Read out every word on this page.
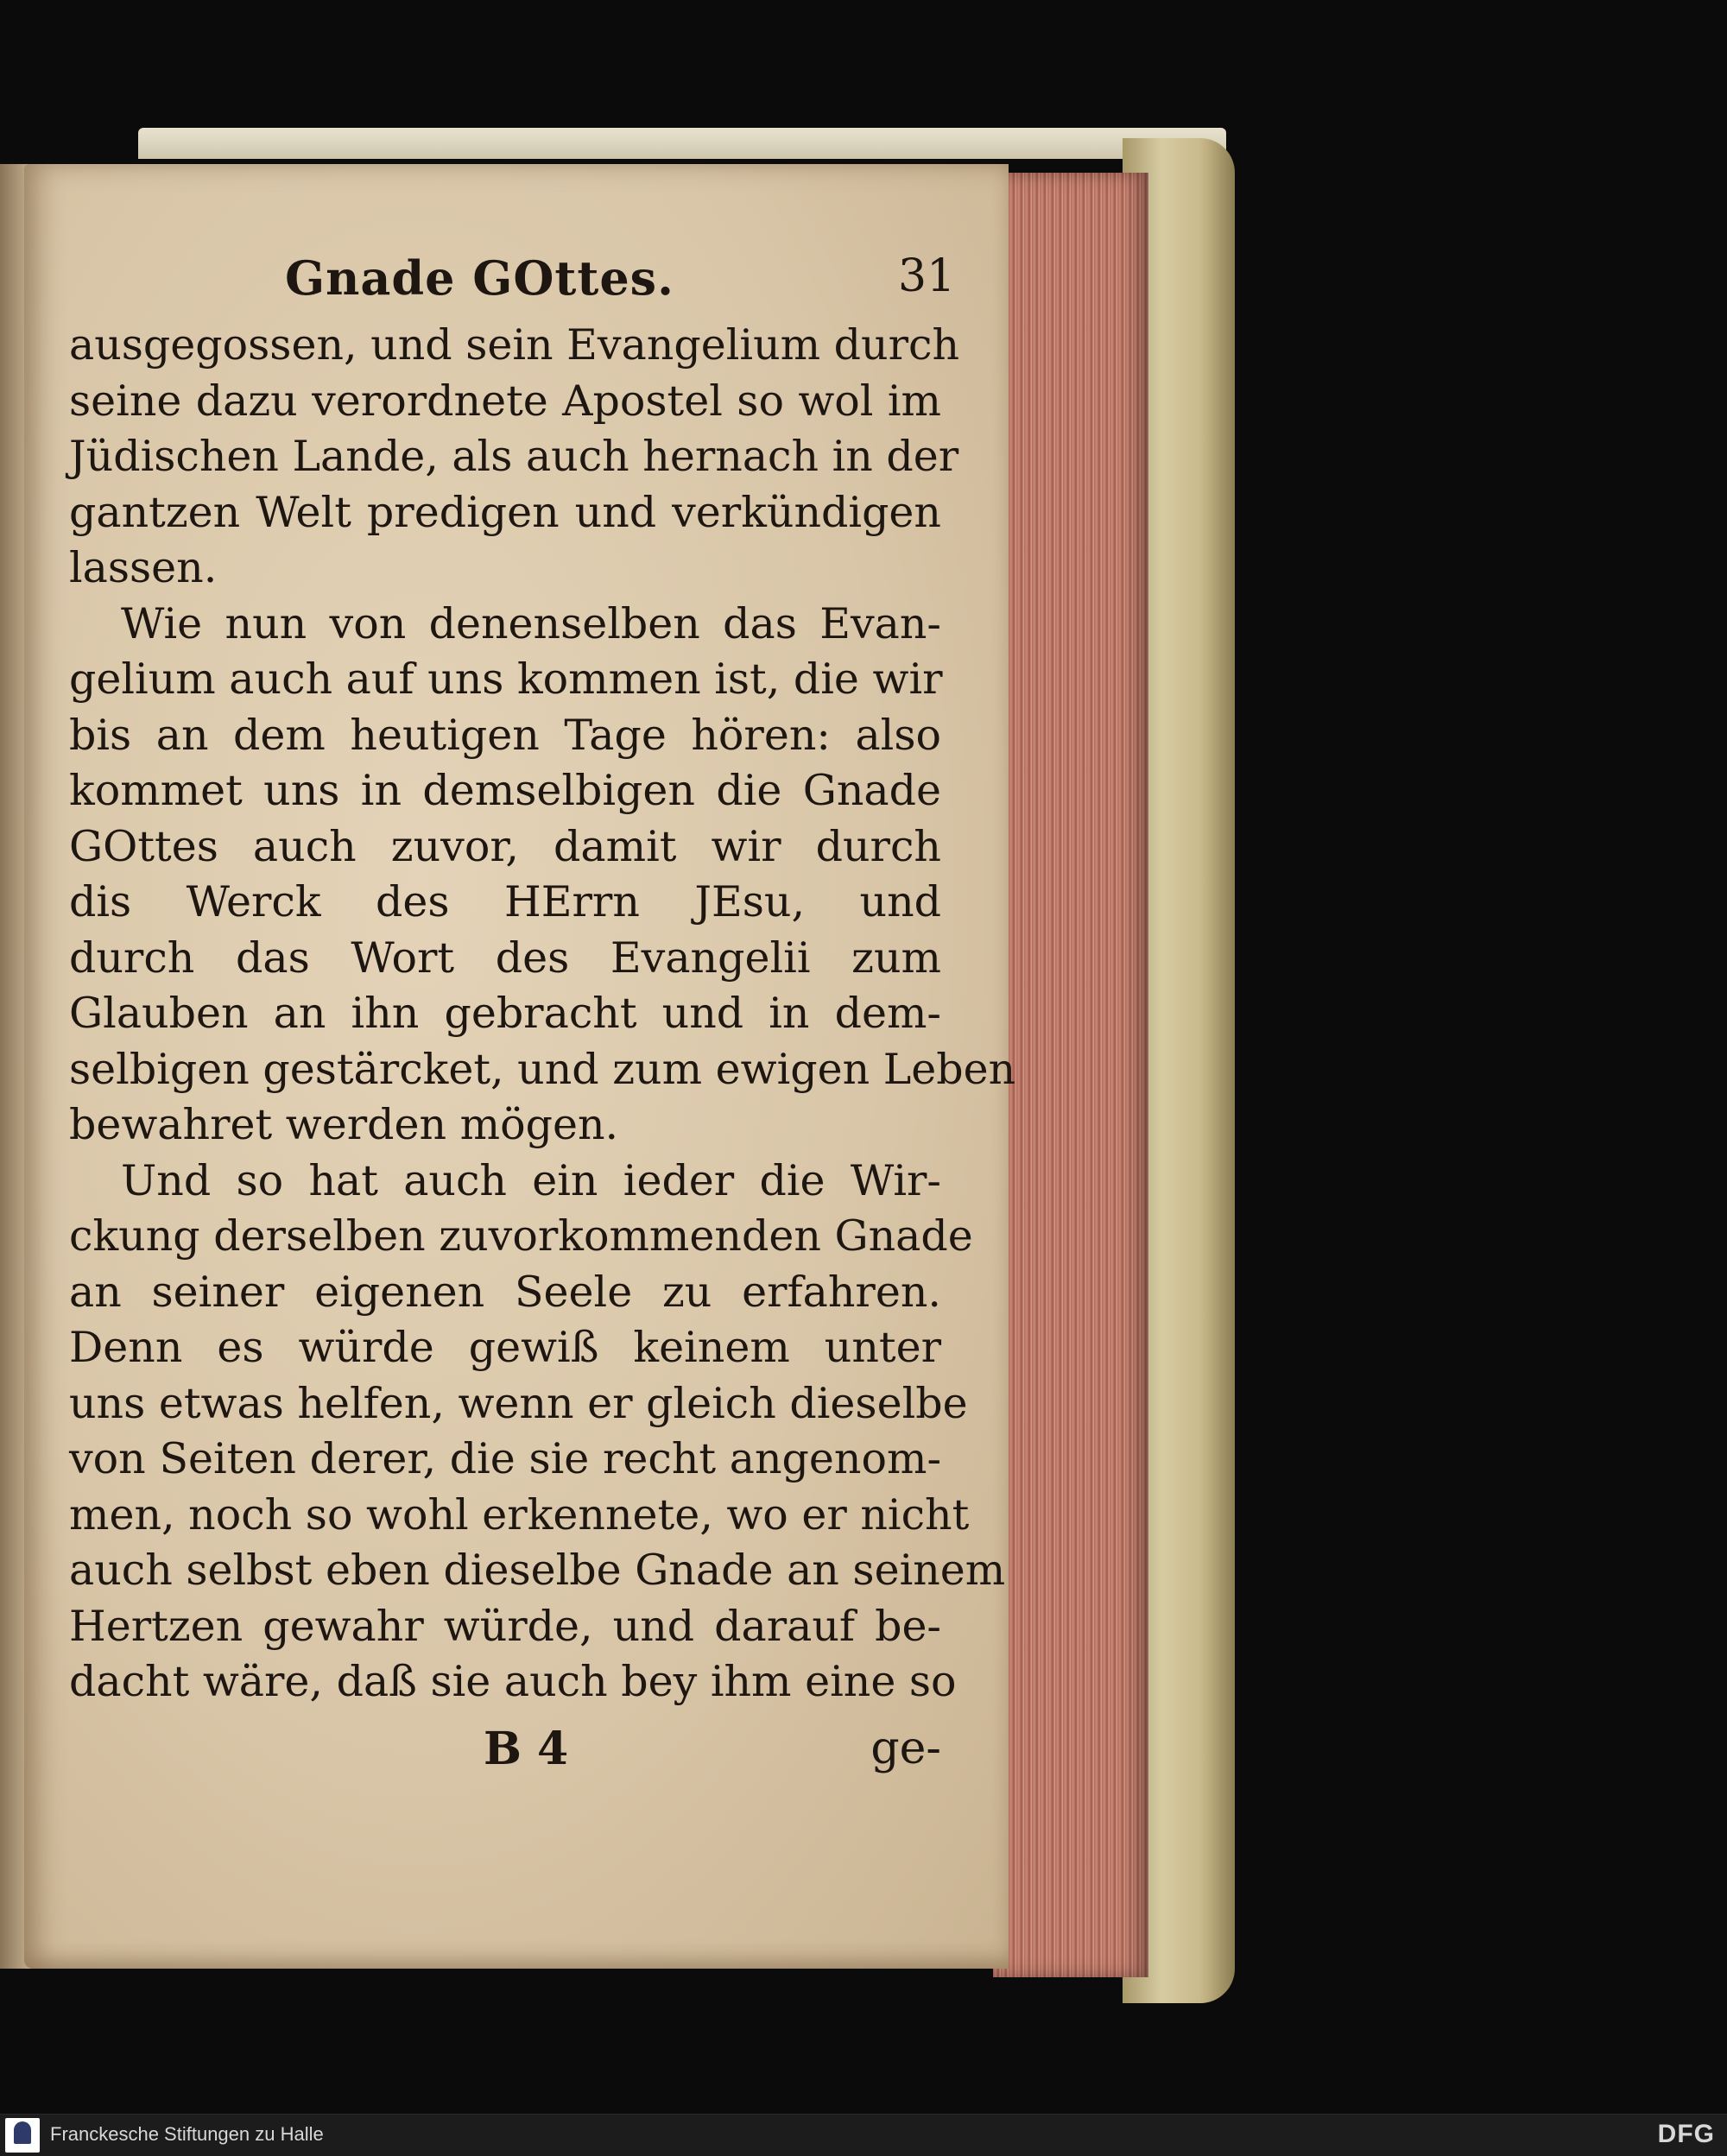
Gnade GOttes.	31
ausgegossen, und sein Evangelium durch
seine dazu verordnete Apostel so wol im
Jüdischen Lande, als auch hernach in der
gantzen Welt predigen und verkündigen
lassen.
Wie nun von denenselben das Evan-
gelium auch auf uns kommen ist, die wir
bis an dem heutigen Tage hören: also
kommet uns in demselbigen die Gnade
GOttes auch zuvor, damit wir durch
dis Werck des HErrn JEsu, und
durch das Wort des Evangelii zum
Glauben an ihn gebracht und in dem-
selbigen gestärcket, und zum ewigen Leben
bewahret werden mögen.
Und so hat auch ein ieder die Wir-
ckung derselben zuvorkommenden Gnade
an seiner eigenen Seele zu erfahren.
Denn es würde gewiß keinem unter
uns etwas helfen, wenn er gleich dieselbe
von Seiten derer, die sie recht angenom-
men, noch so wohl erkennete, wo er nicht
auch selbst eben dieselbe Gnade an seinem
Hertzen gewahr würde, und darauf be-
dacht wäre, daß sie auch bey ihm eine so
B 4	ge-
Franckesche Stiftungen zu Halle	DFG
